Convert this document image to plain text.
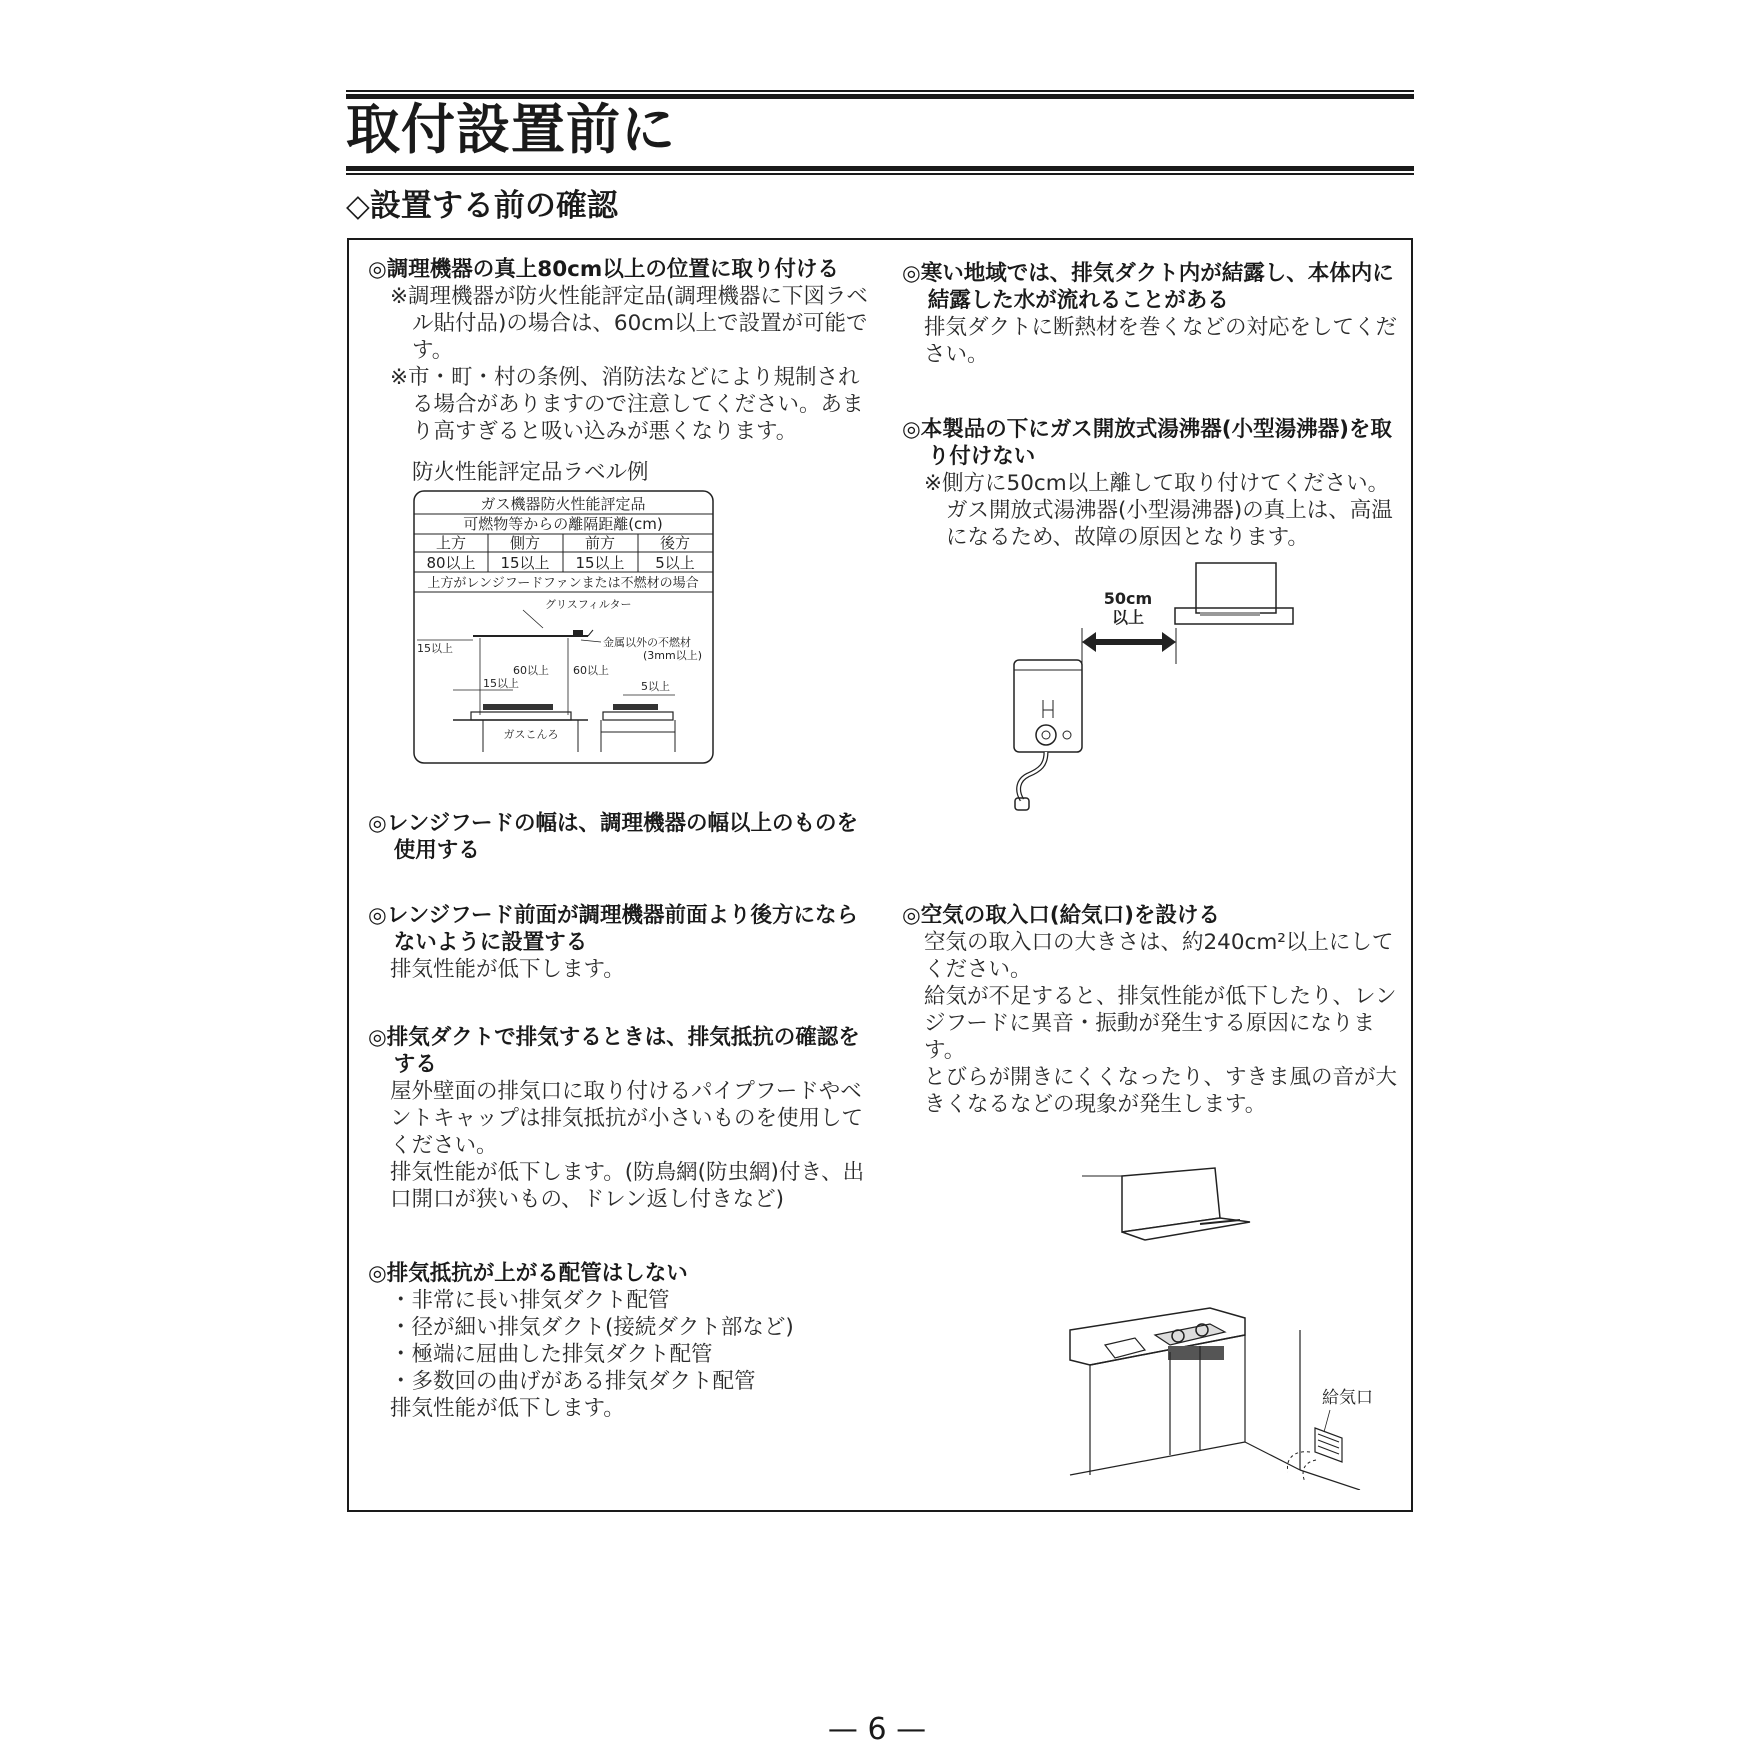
取付設置前に
◇設置する前の確認
◎調理機器の真上80cm以上の位置に取り付ける
※調理機器が防火性能評定品(調理機器に下図ラベル貼付品)の場合は、60cm以上で設置が可能です。
※市・町・村の条例、消防法などにより規制される場合がありますので注意してください。あまり高すぎると吸い込みが悪くなります。
防火性能評定品ラベル例
ガス機器防火性能評定品
可燃物等からの離隔距離(cm)
上方	側方	前方	後方
80以上 15以上 15以上 5以上
上方がレンジフードファンまたは不燃材の場合
グリスフィルター
金属以外の不燃材
(3mm以上)
15以上
60以上 60以上
15以上	5以上
ガスこんろ
◎レンジフードの幅は、調理機器の幅以上のものを使用する
◎レンジフード前面が調理機器前面より後方にならないように設置する
排気性能が低下します。
◎排気ダクトで排気するときは、排気抵抗の確認をする
屋外壁面の排気口に取り付けるパイプフードやベントキャップは排気抵抗が小さいものを使用してください。
排気性能が低下します。(防鳥網(防虫網)付き、出口開口が狭いもの、ドレン返し付きなど)
◎排気抵抗が上がる配管はしない
・非常に長い排気ダクト配管
・径が細い排気ダクト(接続ダクト部など)
・極端に屈曲した排気ダクト配管
・多数回の曲げがある排気ダクト配管
排気性能が低下します。
◎寒い地域では、排気ダクト内が結露し、本体内に結露した水が流れることがある
排気ダクトに断熱材を巻くなどの対応をしてください。
◎本製品の下にガス開放式湯沸器(小型湯沸器)を取り付けない
※側方に50cm以上離して取り付けてください。
ガス開放式湯沸器(小型湯沸器)の真上は、高温になるため、故障の原因となります。
50cm
以上
◎空気の取入口(給気口)を設ける
空気の取入口の大きさは、約240cm²以上にしてください。
給気が不足すると、排気性能が低下したり、レンジフードに異音・振動が発生する原因になります。
とびらが開きにくくなったり、すきま風の音が大きくなるなどの現象が発生します。
給気口
— 6 —
